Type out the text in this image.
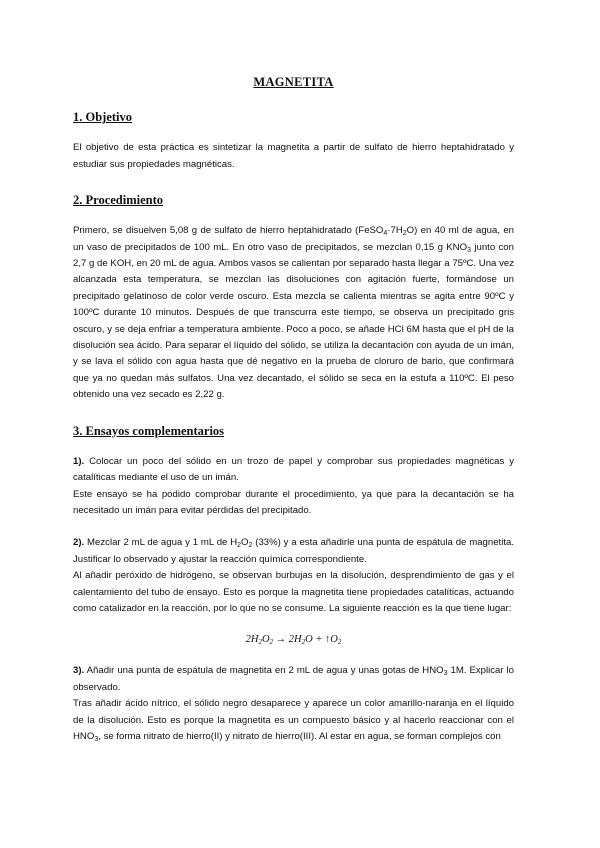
MAGNETITA
1. Objetivo

El objetivo de esta práctica es sintetizar la magnetita a partir de sulfato de hierro heptahidratado y estudiar sus propiedades magnéticas.

2. Procedimiento

Primero, se disuelven 5,08 g de sulfato de hierro heptahidratado $(FeSO_4\cdot 7H_2O)$ en 40 ml de agua, en un vaso de precipitados de 100 mL. En otro vaso de precipitados, se mezclan 0,15 g $KNO_3$ junto con 2,7 g de KOH, en 20 mL de agua. Ambos vasos se calientan por separado hasta llegar a 75ºC. Una vez alcanzada esta temperatura, se mezclan las disoluciones con agitación fuerte, formándose un precipitado gelatinoso de color verde oscuro. Esta mezcla se calienta mientras se agita entre 90ºC y 100ºC durante 10 minutos. Después de que transcurra este tiempo, se observa un precipitado gris oscuro, y se deja enfriar a temperatura ambiente. Poco a poco, se añade HCl 6M hasta que el pH de la disolución sea ácido. Para separar el líquido del sólido, se utiliza la decantación con ayuda de un imán, y se lava el sólido con agua hasta que dé negativo en la prueba de cloruro de bario, que confirmará que ya no quedan más sulfatos. Una vez decantado, el sólido se seca en la estufa a 110ºC. El peso obtenido una vez secado es 2,22 g.

3. Ensayos complementarios

1). Colocar un poco del sólido en un trozo de papel y comprobar sus propiedades magnéticas y catalíticas mediante el uso de un imán.

Este ensayo se ha podido comprobar durante el procedimiento, ya que para la decantación se ha necesitado un imán para evitar pérdidas del precipitado.

2). Mezclar 2 mL de agua y 1 mL de $H_2O_2$ (33%) y a esta añadirle una punta de espátula de magnetita. Justificar lo observado y ajustar la reacción química correspondiente.

Al añadir peróxido de hidrógeno, se observan burbujas en la disolución, desprendimiento de gas y el calentamiento del tubo de ensayo. Esto es porque la magnetita tiene propiedades catalíticas, actuando como catalizador en la reacción, por lo que no se consume. La siguiente reacción es la que tiene lugar:

$2H_2O_2 \to 2H_2O$ + $↑O_2$

3). Añadir una punta de espátula de magnetita en 2 mL de agua y unas gotas de $HNO_3$ 1M. Explicar lo observado.

Tras añadir ácido nítrico, el sólido negro desaparece y aparece un color amarillo-naranja en el líquido de la disolución. Esto es porque la magnetita es un compuesto básico y al hacerlo reaccionar con el $HNO_3$, se forma nitrato de hierro(II) y nitrato de hierro(III). Al estar en agua, se forman complejos con
